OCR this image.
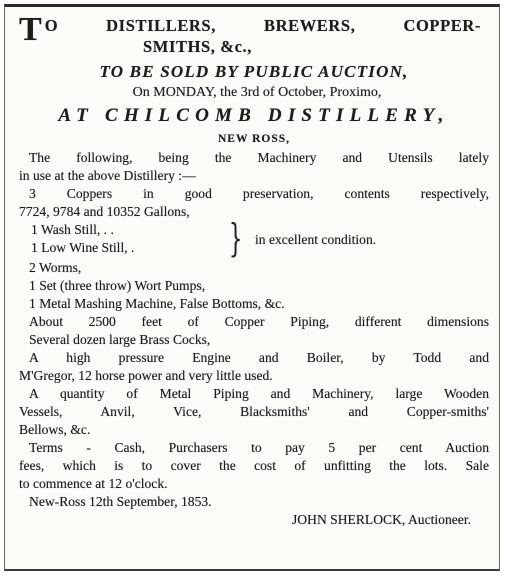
T O DISTILLERS, BREWERS, COPPER-
SMITHS, &c.,
TO BE SOLD BY PUBLIC AUCTION,
On MONDAY, the 3rd of October, Proximo,
AT CHILCOMB DISTILLERY,
NEW ROSS,
The following, being the Machinery and Utensils lately
in use at the above Distillery :—
3 Coppers in good preservation, contents respectively,
7724, 9784 and 10352 Gallons,
1 Wash Still, . .
1 Low Wine Still, . } in excellent condition.
2 Worms,
1 Set (three throw) Wort Pumps,
1 Metal Mashing Machine, False Bottoms, &c.
About 2500 feet of Copper Piping, different dimensions
Several dozen large Brass Cocks,
A high pressure Engine and Boiler, by Todd and
M'Gregor, 12 horse power and very little used.
A quantity of Metal Piping and Machinery, large Wooden
Vessels, Anvil, Vice, Blacksmiths' and Copper-smiths'
Bellows, &c.
Terms - Cash, Purchasers to pay 5 per cent Auction
fees, which is to cover the cost of unfitting the lots. Sale
to commence at 12 o'clock.
New-Ross 12th September, 1853.
JOHN SHERLOCK, Auctioneer.
